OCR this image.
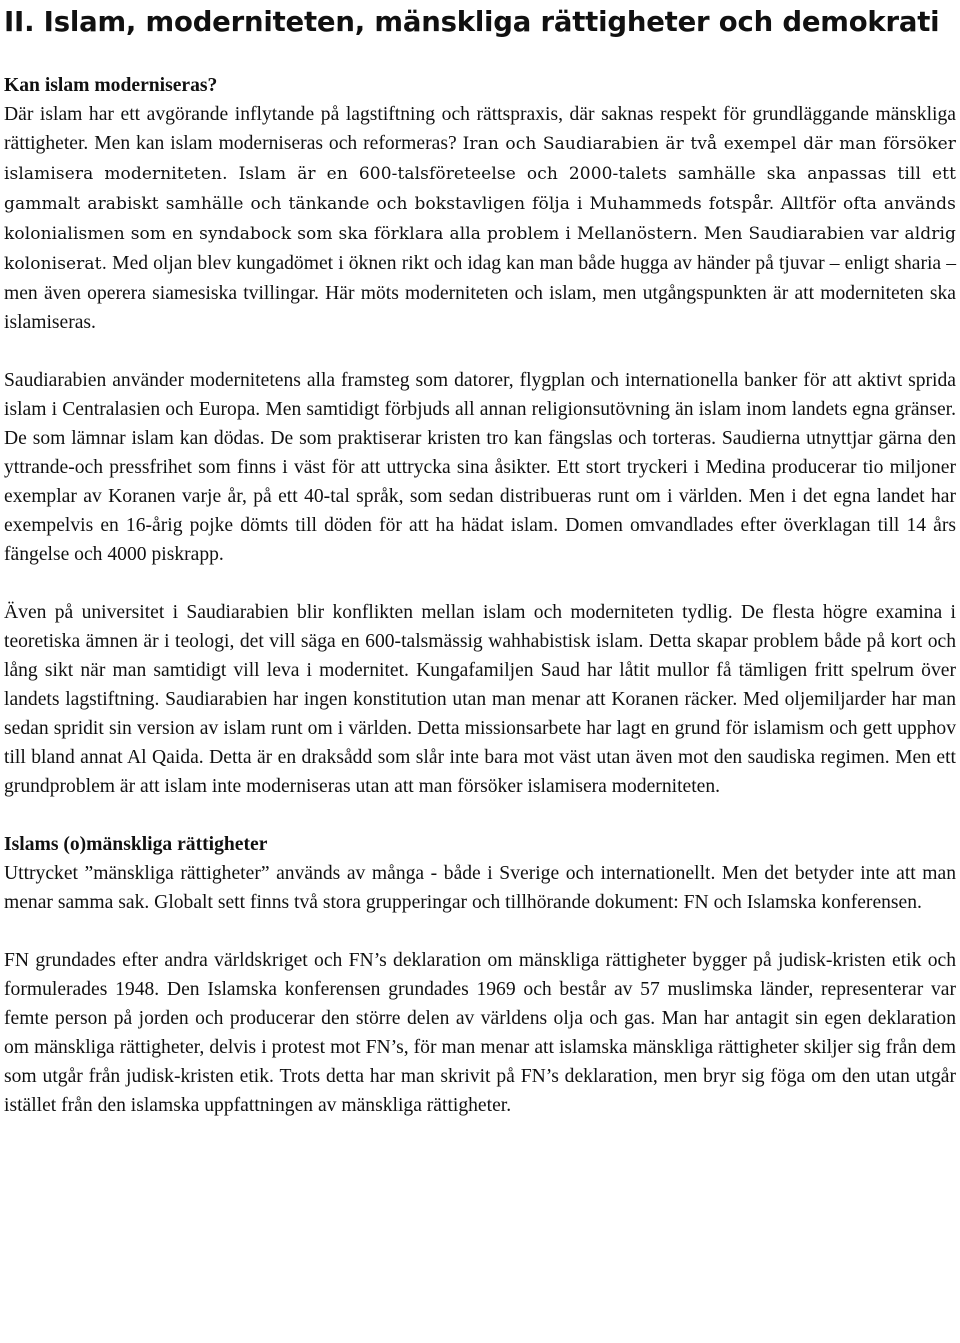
II. Islam, moderniteten, mänskliga rättigheter och demokrati
Kan islam moderniseras?

Där islam har ett avgörande inflytande på lagstiftning och rättspraxis, där saknas respekt för grundläggande mänskliga rättigheter. Men kan islam moderniseras och reformeras? Iran och Saudiarabien är två exempel där man försöker islamisera moderniteten. Islam är en 600-talsföreteelse och 2000-talets samhälle ska anpassas till ett gammalt arabiskt samhälle och tänkande och bokstavligen följa i Muhammeds fotspår. Alltför ofta används kolonialismen som en syndabock som ska förklara alla problem i Mellanöstern. Men Saudiarabien var aldrig koloniserat. Med oljan blev kungadömet i öknen rikt och idag kan man både hugga av händer på tjuvar – enligt sharia – men även operera siamesiska tvillingar. Här möts moderniteten och islam, men utgångspunkten är att moderniteten ska islamiseras.

Saudiarabien använder modernitetens alla framsteg som datorer, flygplan och internationella banker för att aktivt sprida islam i Centralasien och Europa. Men samtidigt förbjuds all annan religionsutövning än islam inom landets egna gränser. De som lämnar islam kan dödas. De som praktiserar kristen tro kan fängslas och torteras. Saudierna utnyttjar gärna den yttrande-och pressfrihet som finns i väst för att uttrycka sina åsikter. Ett stort tryckeri i Medina producerar tio miljoner exemplar av Koranen varje år, på ett 40-tal språk, som sedan distribueras runt om i världen. Men i det egna landet har exempelvis en 16-årig pojke dömts till döden för att ha hädat islam. Domen omvandlades efter överklagan till 14 års fängelse och 4000 piskrapp.

Även på universitet i Saudiarabien blir konflikten mellan islam och moderniteten tydlig. De flesta högre examina i teoretiska ämnen är i teologi, det vill säga en 600-talsmässig wahhabistisk islam. Detta skapar problem både på kort och lång sikt när man samtidigt vill leva i modernitet. Kungafamiljen Saud har låtit mullor få tämligen fritt spelrum över landets lagstiftning. Saudiarabien har ingen konstitution utan man menar att Koranen räcker. Med oljemiljarder har man sedan spridit sin version av islam runt om i världen. Detta missionsarbete har lagt en grund för islamism och gett upphov till bland annat Al Qaida. Detta är en draksådd som slår inte bara mot väst utan även mot den saudiska regimen. Men ett grundproblem är att islam inte moderniseras utan att man försöker islamisera moderniteten.

Islams (o)mänskliga rättigheter

Uttrycket ”mänskliga rättigheter” används av många - både i Sverige och internationellt. Men det betyder inte att man menar samma sak. Globalt sett finns två stora grupperingar och tillhörande dokument: FN och Islamska konferensen.

FN grundades efter andra världskriget och FN’s deklaration om mänskliga rättigheter bygger på judisk-kristen etik och formulerades 1948. Den Islamska konferensen grundades 1969 och består av 57 muslimska länder, representerar var femte person på jorden och producerar den större delen av världens olja och gas. Man har antagit sin egen deklaration om mänskliga rättigheter, delvis i protest mot FN’s, för man menar att islamska mänskliga rättigheter skiljer sig från dem som utgår från judisk-kristen etik. Trots detta har man skrivit på FN’s deklaration, men bryr sig föga om den utan utgår istället från den islamska uppfattningen av mänskliga rättigheter.
